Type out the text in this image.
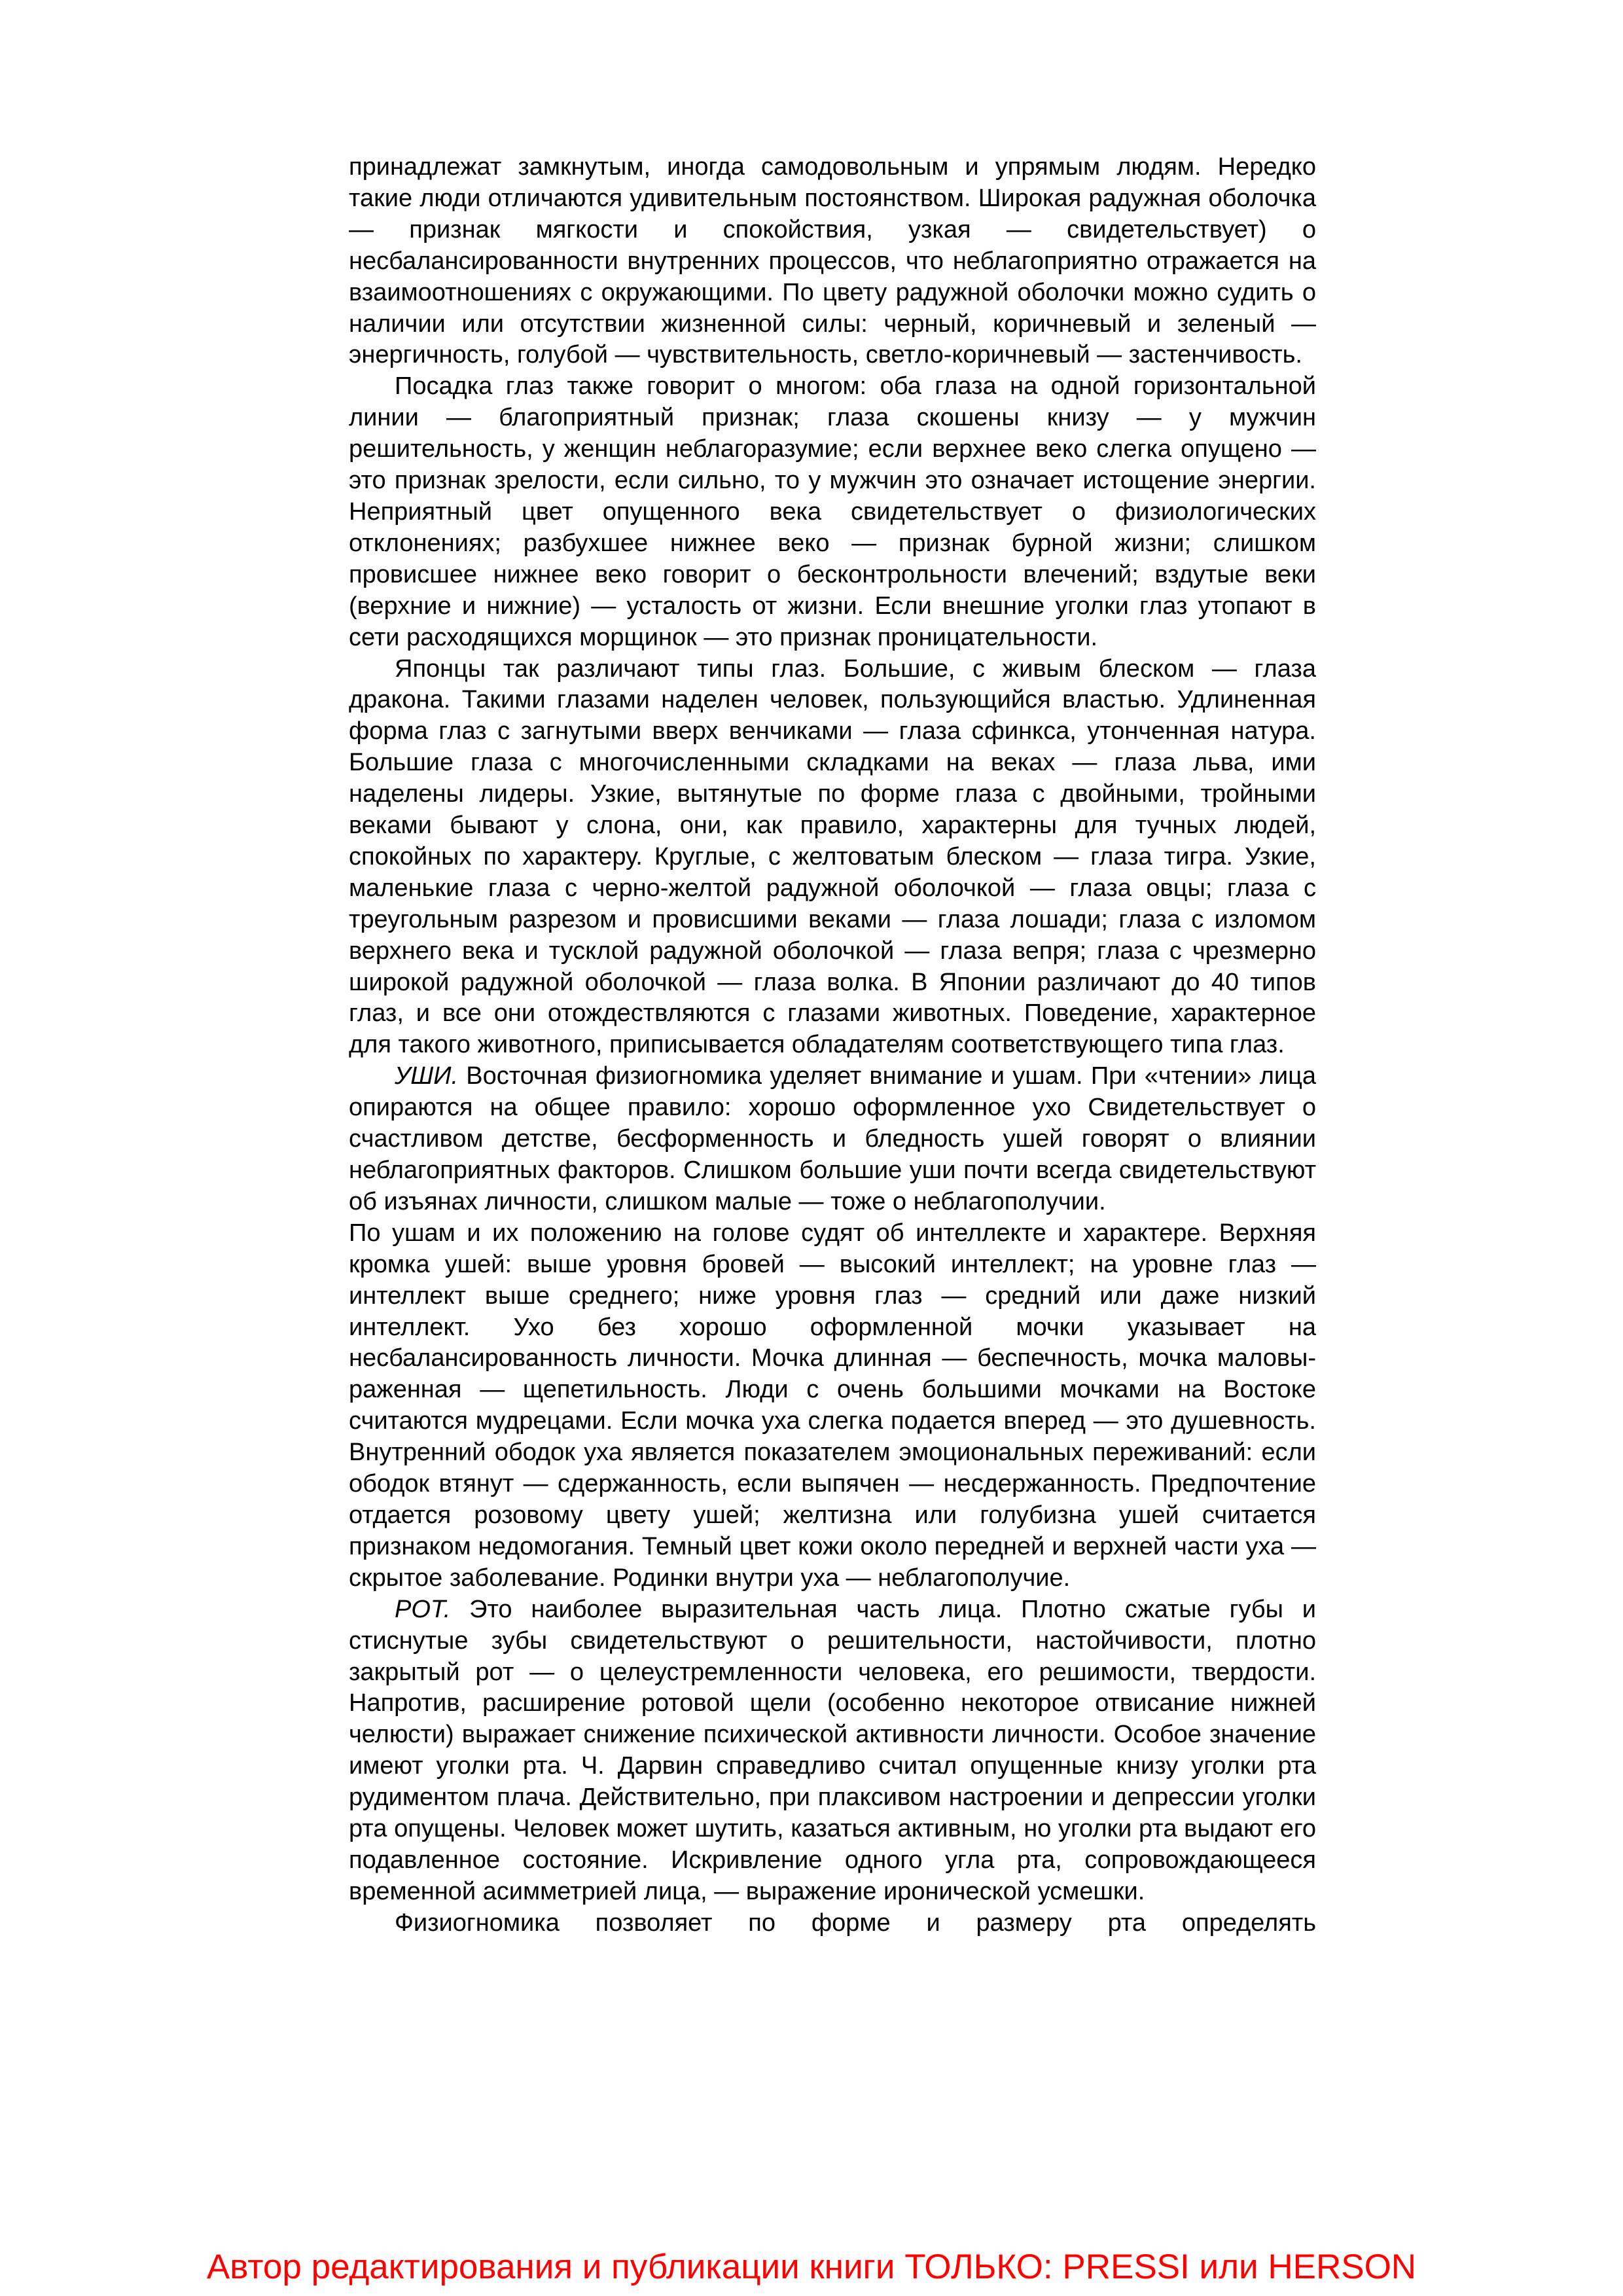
принадлежат замкнутым, иногда самодовольным и упрямым людям. Нередко такие люди отличаются удивительным постоянством. Широкая радужная оболочка — признак мягкости и спокойствия, узкая — свидетельствует) о несбалансированности внутренних процессов, что неблагоприятно отражается на взаимоотношениях с окружающими. По цвету радужной оболочки можно судить о наличии или отсутствии жизненной силы: черный, коричневый и зеленый — энергичность, голубой — чувствительность, светло-коричневый — застенчивость.

Посадка глаз также говорит о многом: оба глаза на одной горизонтальной линии — благоприятный признак; глаза скошены книзу — у мужчин решительность, у женщин неблагоразумие; если верхнее веко слегка опущено — это признак зрелости, если сильно, то у мужчин это означает истощение энергии. Неприятный цвет опущенного века свидетельствует о физиологических отклонениях; разбухшее нижнее веко — признак бурной жизни; слишком провисшее нижнее веко говорит о бесконтрольности влечений; вздутые веки (верхние и нижние) — усталость от жизни. Если внешние уголки глаз утопают в сети расходящихся морщинок — это признак проницательности.

Японцы так различают типы глаз. Большие, с живым блеском — глаза дракона. Такими глазами наделен человек, пользующийся властью. Удлиненная форма глаз с загнутыми вверх венчиками — глаза сфинкса, утонченная натура. Большие глаза с многочисленными складками на веках — глаза льва, ими наделены лидеры. Узкие, вытянутые по форме глаза с двойными, тройными веками бывают у слона, они, как правило, характерны для тучных людей, спокойных по характеру. Круглые, с желтоватым блеском — глаза тигра. Узкие, маленькие глаза с черно-желтой радужной оболочкой — глаза овцы; глаза с треугольным разрезом и провисшими веками — глаза лошади; глаза с изломом верхнего века и тусклой радужной оболочкой — глаза вепря; глаза с чрезмерно широкой радужной оболочкой — глаза волка. В Японии различают до 40 типов глаз, и все они отождествляются с глазами животных. Поведение, характерное для такого животного, приписывается обладателям соответствующего типа глаз.

УШИ. Восточная физиогномика уделяет внимание и ушам. При «чтении» лица опираются на общее правило: хорошо оформленное ухо Свидетельствует о счастливом детстве, бесформенность и бледность ушей говорят о влиянии неблагоприятных факторов. Слишком большие уши почти всегда свидетельствуют об изъянах личности, слишком малые — тоже о неблагополучии.

По ушам и их положению на голове судят об интеллекте и характере. Верхняя кромка ушей: выше уровня бровей — высокий интеллект; на уровне глаз — интеллект выше среднего; ниже уровня глаз — средний или даже низкий интеллект. Ухо без хорошо оформленной мочки указывает на несбалансированность личности. Мочка длинная — беспечность, мочка маловы-раженная — щепетильность. Люди с очень большими мочками на Востоке считаются мудрецами. Если мочка уха слегка подается вперед — это душевность. Внутренний ободок уха является показателем эмоциональных переживаний: если ободок втянут — сдержанность, если выпячен — несдержанность. Предпочтение отдается розовому цвету ушей; желтизна или голубизна ушей считается признаком недомогания. Темный цвет кожи около передней и верхней части уха — скрытое заболевание. Родинки внутри уха — неблагополучие.

РОТ. Это наиболее выразительная часть лица. Плотно сжатые губы и стиснутые зубы свидетельствуют о решительности, настойчивости, плотно закрытый рот — о целеустремленности человека, его решимости, твердости. Напротив, расширение ротовой щели (особенно некоторое отвисание нижней челюсти) выражает снижение психической активности личности. Особое значение имеют уголки рта. Ч. Дарвин справедливо считал опущенные книзу уголки рта рудиментом плача. Действительно, при плаксивом настроении и депрессии уголки рта опущены. Человек может шутить, казаться активным, но уголки рта выдают его подавленное состояние. Искривление одного угла рта, сопровождающееся временной асимметрией лица, — выражение иронической усмешки.

Физиогномика позволяет по форме и размеру рта определять

Автор редактирования и публикации книги ТОЛЬКО: PRESSI или HERSON
